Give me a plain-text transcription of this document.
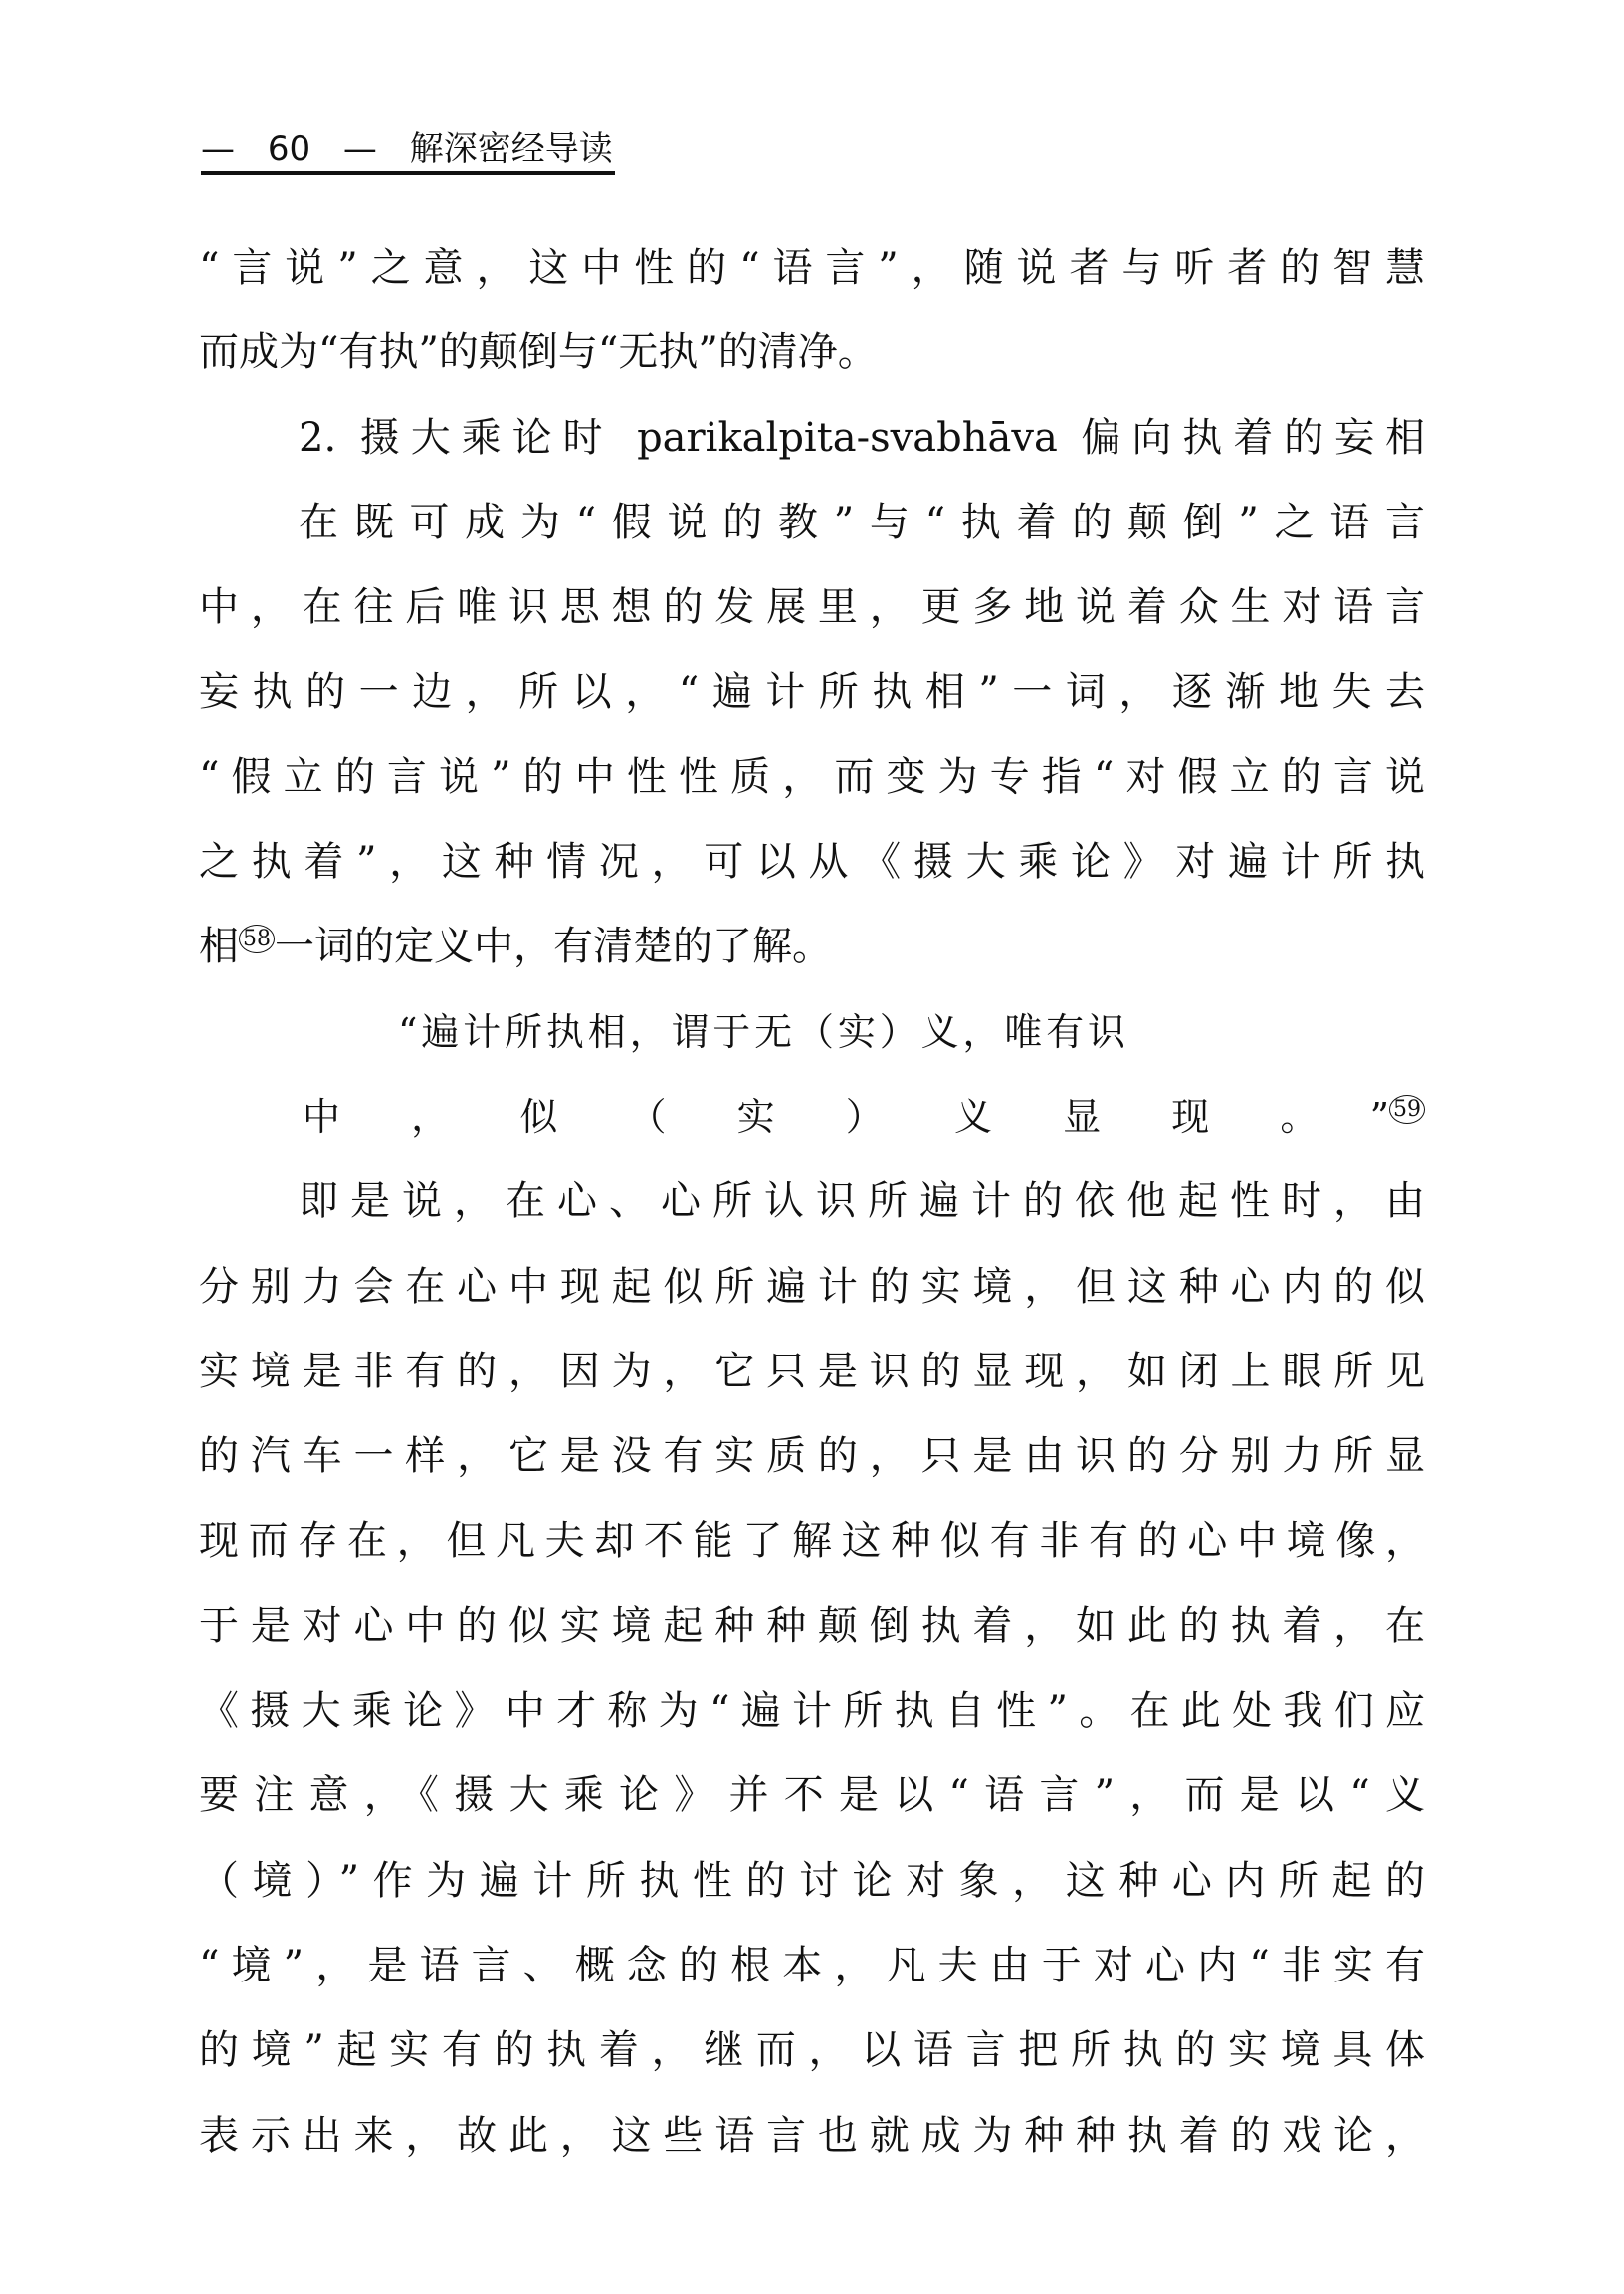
— 60 — 解深密经导读
“言说”之意，这中性的“语言”，随说者与听者的智慧
而成为“有执”的颠倒与“无执”的清净。
2. 摄大乘论时 parikalpita-svabhāva 偏向执着的妄相
在既可成为“假说的教”与“执着的颠倒”之语言
中，在往后唯识思想的发展里，更多地说着众生对语言
妄执的一边，所以，“遍计所执相”一词，逐渐地失去
“假立的言说”的中性性质，而变为专指“对假立的言说
之执着”，这种情况，可以从《摄大乘论》对遍计所执
相 $^{58}$ 一词的定义中，有清楚的了解。
“遍计所执相，谓于无（实）义，唯有识
中，似（实）义显现。” $^{59}$
即是说，在心、心所认识所遍计的依他起性时，由
分别力会在心中现起似所遍计的实境，但这种心内的似
实境是非有的，因为，它只是识的显现，如闭上眼所见
的汽车一样，它是没有实质的，只是由识的分别力所显
现而存在，但凡夫却不能了解这种似有非有的心中境像，
于是对心中的似实境起种种颠倒执着，如此的执着，在
《摄大乘论》中才称为“遍计所执自性”。在此处我们应
要注意，《摄大乘论》并不是以“语言”，而是以“义
（境）”作为遍计所执性的讨论对象，这种心内所起的
“境”，是语言、概念的根本，凡夫由于对心内“非实有
的境”起实有的执着，继而，以语言把所执的实境具体
表示出来，故此，这些语言也就成为种种执着的戏论，
